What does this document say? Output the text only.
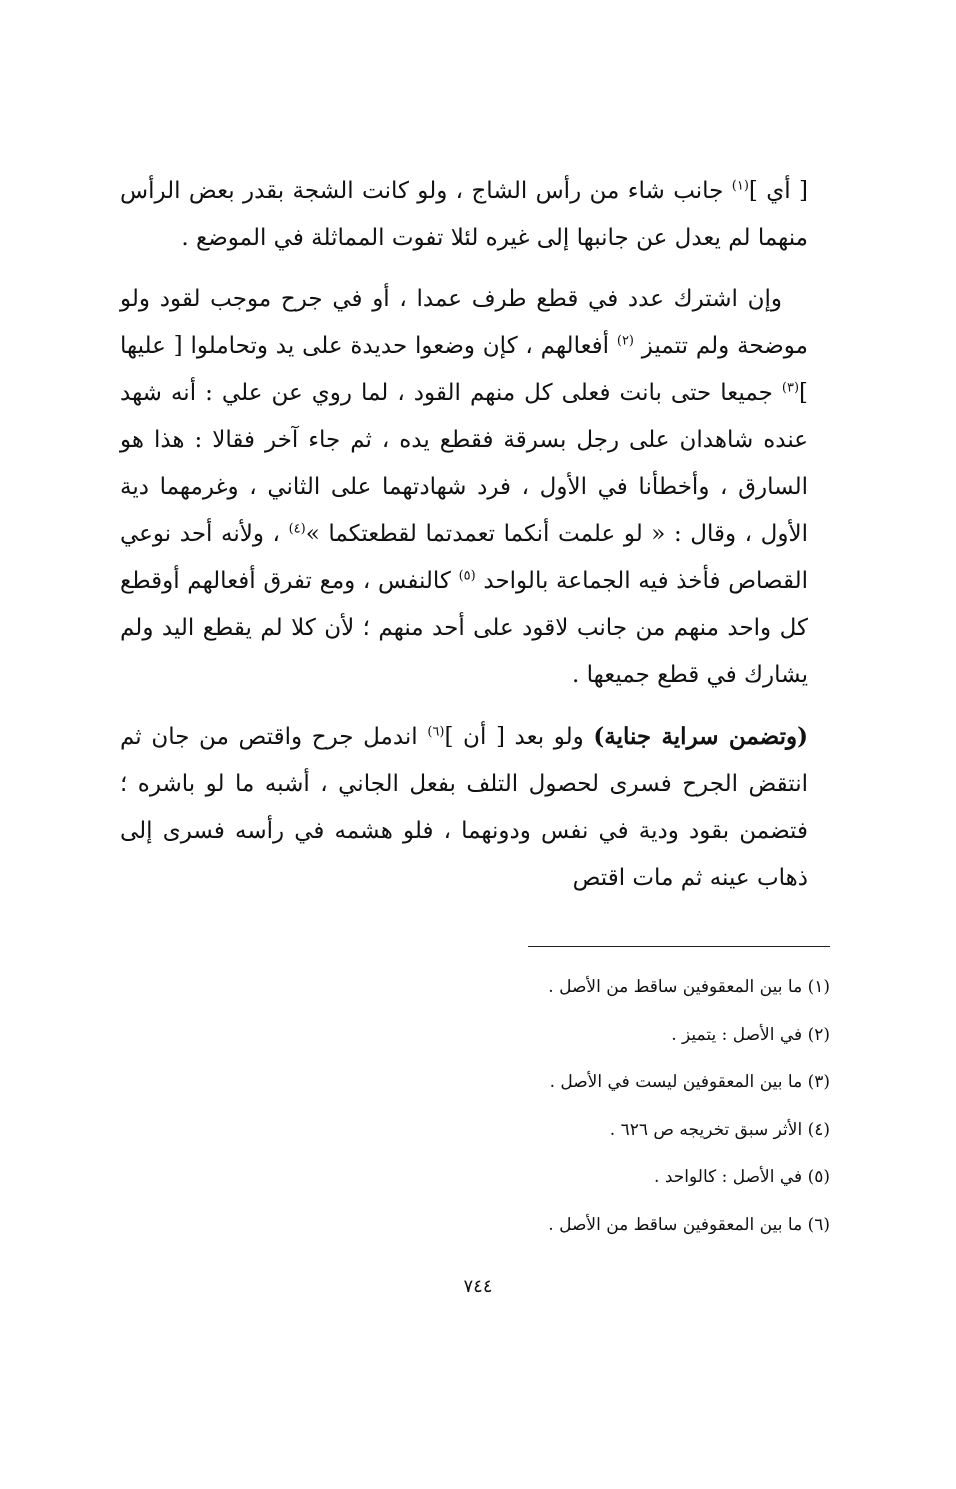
[ أي ]$^{(١)}$ جانب شاء من رأس الشاج ، ولو كانت الشجة بقدر بعض الرأس منهما لم يعدل عن جانبها إلى غيره لئلا تفوت المماثلة في الموضع .

وإن اشترك عدد في قطع طرف عمدا ، أو في جرح موجب لقود ولو موضحة ولم تتميز $^{(٢)}$ أفعالهم ، كإن وضعوا حديدة على يد وتحاملوا [ عليها ]$^{(٣)}$ جميعا حتى بانت فعلى كل منهم القود ، لما روي عن علي : أنه شهد عنده شاهدان على رجل بسرقة فقطع يده ، ثم جاء آخر فقالا : هذا هو السارق ، وأخطأنا في الأول ، فرد شهادتهما على الثاني ، وغرمهما دية الأول ، وقال : « لو علمت أنكما تعمدتما لقطعتكما »$^{(٤)}$ ، ولأنه أحد نوعي القصاص فأخذ فيه الجماعة بالواحد $^{(٥)}$ كالنفس ، ومع تفرق أفعالهم أوقطع كل واحد منهم من جانب لاقود على أحد منهم ؛ لأن كلا لم يقطع اليد ولم يشارك في قطع جميعها .

(وتضمن سراية جناية) ولو بعد [ أن ]$^{(٦)}$ اندمل جرح واقتص من جان ثم انتقض الجرح فسرى لحصول التلف بفعل الجاني ، أشبه ما لو باشره ؛ فتضمن بقود ودية في نفس ودونهما ، فلو هشمه في رأسه فسرى إلى ذهاب عينه ثم مات اقتص

(١) ما بين المعقوفين ساقط من الأصل .

(٢) في الأصل : يتميز .

(٣) ما بين المعقوفين ليست في الأصل .

(٤) الأثر سبق تخريجه ص ٦٢٦ .

(٥) في الأصل : كالواحد .

(٦) ما بين المعقوفين ساقط من الأصل .

٧٤٤
